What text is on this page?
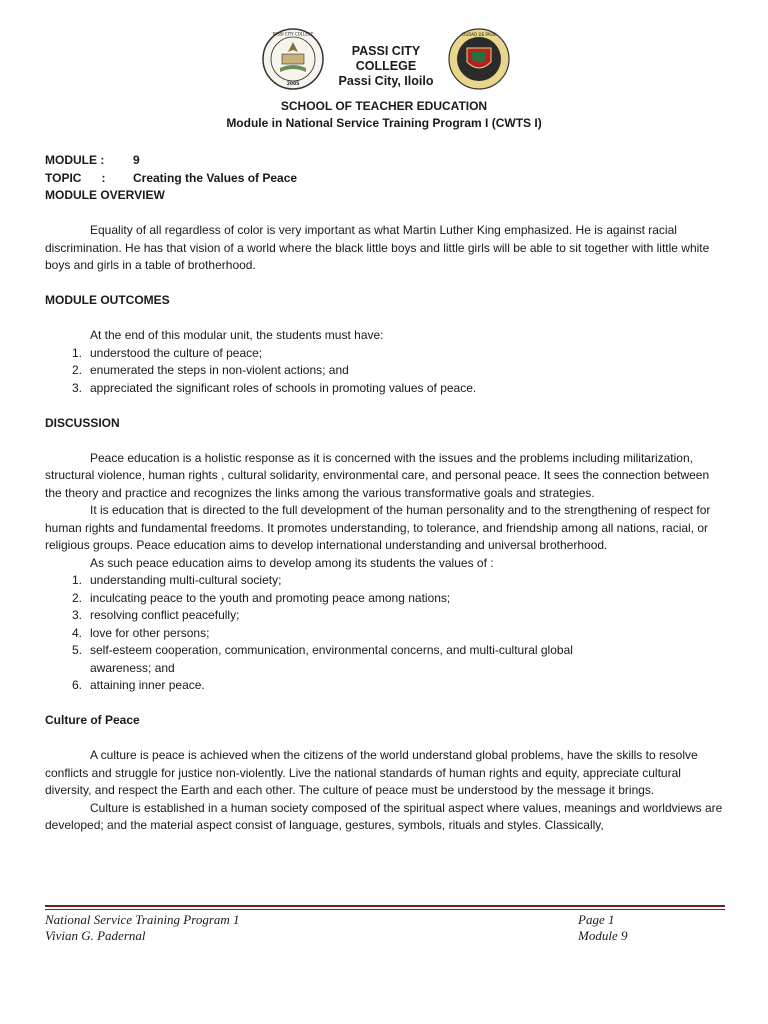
PASSI CITY COLLEGE
2005
PASSI CITY COLLEGE
Passi City, Iloilo
CIUDAD DE PASSI
SCHOOL OF TEACHER EDUCATION
Module in National Service Training Program I (CWTS I)
MODULE :	9
TOPIC      :	Creating the Values of Peace

MODULE OVERVIEW

Equality of all regardless of color is very important as what Martin Luther King emphasized. He is against racial discrimination. He has that vision of a world where the black little boys and little girls will be able to sit together with little white boys and girls in a table of brotherhood.

MODULE OUTCOMES

At the end of this modular unit, the students must have:

1. understood the culture of peace;
2. enumerated the steps in non-violent actions; and
3. appreciated the significant roles of schools in promoting values of peace.

DISCUSSION

Peace education is a holistic response as it is concerned with the issues and the problems including militarization, structural violence, human rights , cultural solidarity, environmental care, and personal peace. It sees the connection between the theory and practice and recognizes the links among the various transformative goals and strategies.

It is education that is directed to the full development of the human personality and to the strengthening of respect for human rights and fundamental freedoms. It promotes understanding, to tolerance, and friendship among all nations, racial, or religious groups. Peace education aims to develop international understanding and universal brotherhood.

As such peace education aims to develop among its students the values of :

1. understanding multi-cultural society;
2. inculcating peace to the youth and promoting peace among nations;
3. resolving conflict peacefully;
4. love for other persons;
5. self-esteem cooperation, communication, environmental concerns, and multi-cultural global awareness; and
6. attaining inner peace.

Culture of Peace

A culture is peace is achieved when the citizens of the world understand global problems, have the skills to resolve conflicts and struggle for justice non-violently. Live the national standards of human rights and equity, appreciate cultural diversity, and respect the Earth and each other. The culture of peace must be understood by the message it brings.

Culture is established in a human society composed of the spiritual aspect where values, meanings and worldviews are developed; and the material aspect consist of language, gestures, symbols, rituals and styles. Classically,

National Service Training Program 1	Page 1
Vivian G. Padernal	Module 9
